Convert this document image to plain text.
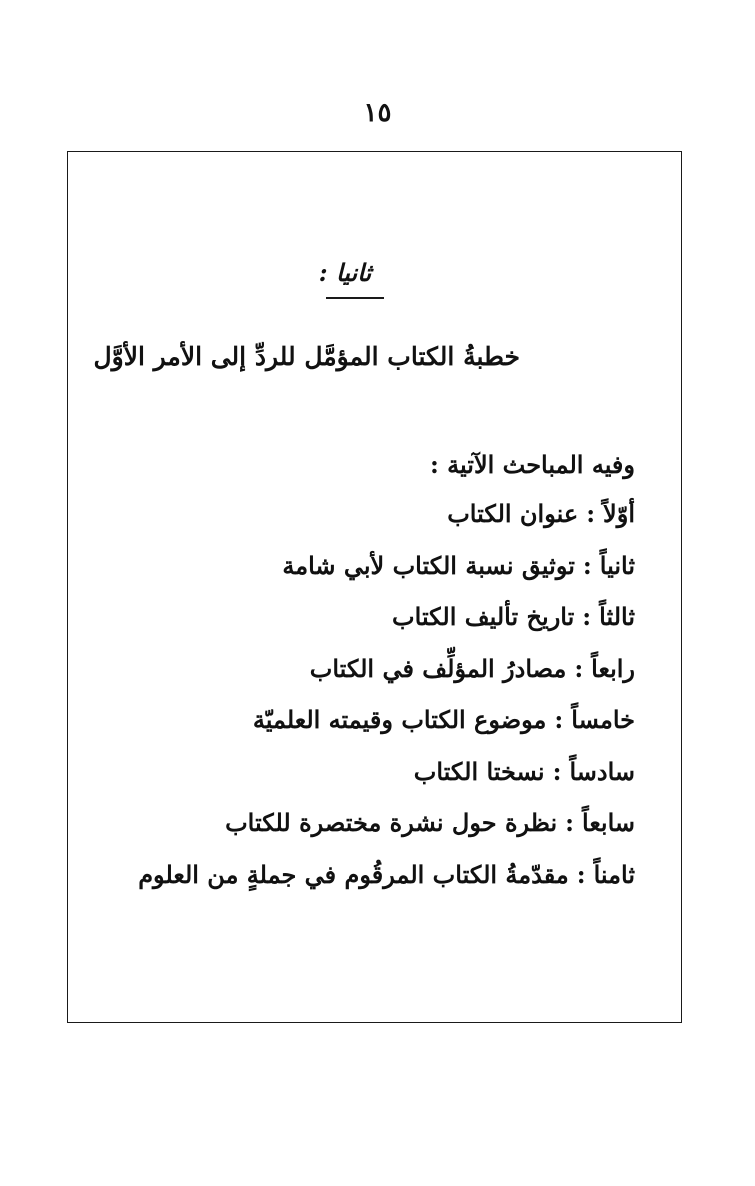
١٥
ثانيا :
خطبةُ الكتاب المؤمَّل للردِّ إلى الأمر الأوَّل
وفيه المباحث الآتية :
أوّلاً:عنوان الكتاب
ثانياً:توثيق نسبة الكتاب لأبي شامة
ثالثاً:تاريخ تأليف الكتاب
رابعاً:مصادرُ المؤلِّف في الكتاب
خامساً:موضوع الكتاب وقيمته العلميّة
سادساً:نسختا الكتاب
سابعاً:نظرة حول نشرة مختصرة للكتاب
ثامناً:مقدّمةُ الكتاب المرقُوم في جملةٍ من العلوم
